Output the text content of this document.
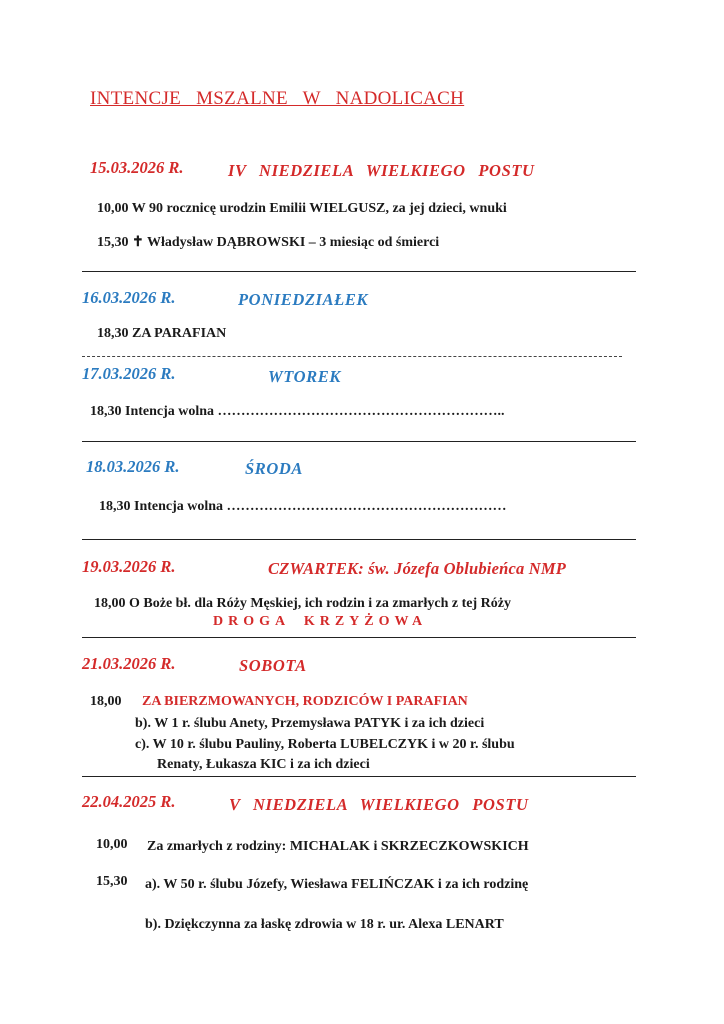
INTENCJE MSZALNE W NADOLICACH
15.03.2026 R.	IV NIEDZIELA WIELKIEGO POSTU
10,00 W 90 rocznicę urodzin Emilii WIELGUSZ, za jej dzieci, wnuki
15,30 ✝ Władysław DĄBROWSKI – 3 miesiąc od śmierci
16.03.2026 R.	PONIEDZIAŁEK
18,30 ZA PARAFIAN
17.03.2026 R.	WTOREK
18,30 Intencja wolna ……………………………………………………..
18.03.2026 R.	ŚRODA
18,30 Intencja wolna ……………………………………………………
19.03.2026 R.	CZWARTEK: św. Józefa Oblubieńca NMP
18,00 O Boże bł. dla Róży Męskiej, ich rodzin i za zmarłych z tej Róży
DROGA KRZYŻOWA
21.03.2026 R.	SOBOTA
18,00 ZA BIERZMOWANYCH, RODZICÓW I PARAFIAN
b). W 1 r. ślubu Anety, Przemysława PATYK i za ich dzieci
c). W 10 r. ślubu Pauliny, Roberta LUBELCZYK i w 20 r. ślubu
Renaty, Łukasza KIC i za ich dzieci
22.04.2025 R.	V NIEDZIELA WIELKIEGO POSTU
10,00 Za zmarłych z rodziny: MICHALAK i SKRZECZKOWSKICH
15,30 a). W 50 r. ślubu Józefy, Wiesława FELIŃCZAK i za ich rodzinę
b). Dziękczynna za łaskę zdrowia w 18 r. ur. Alexa LENART
